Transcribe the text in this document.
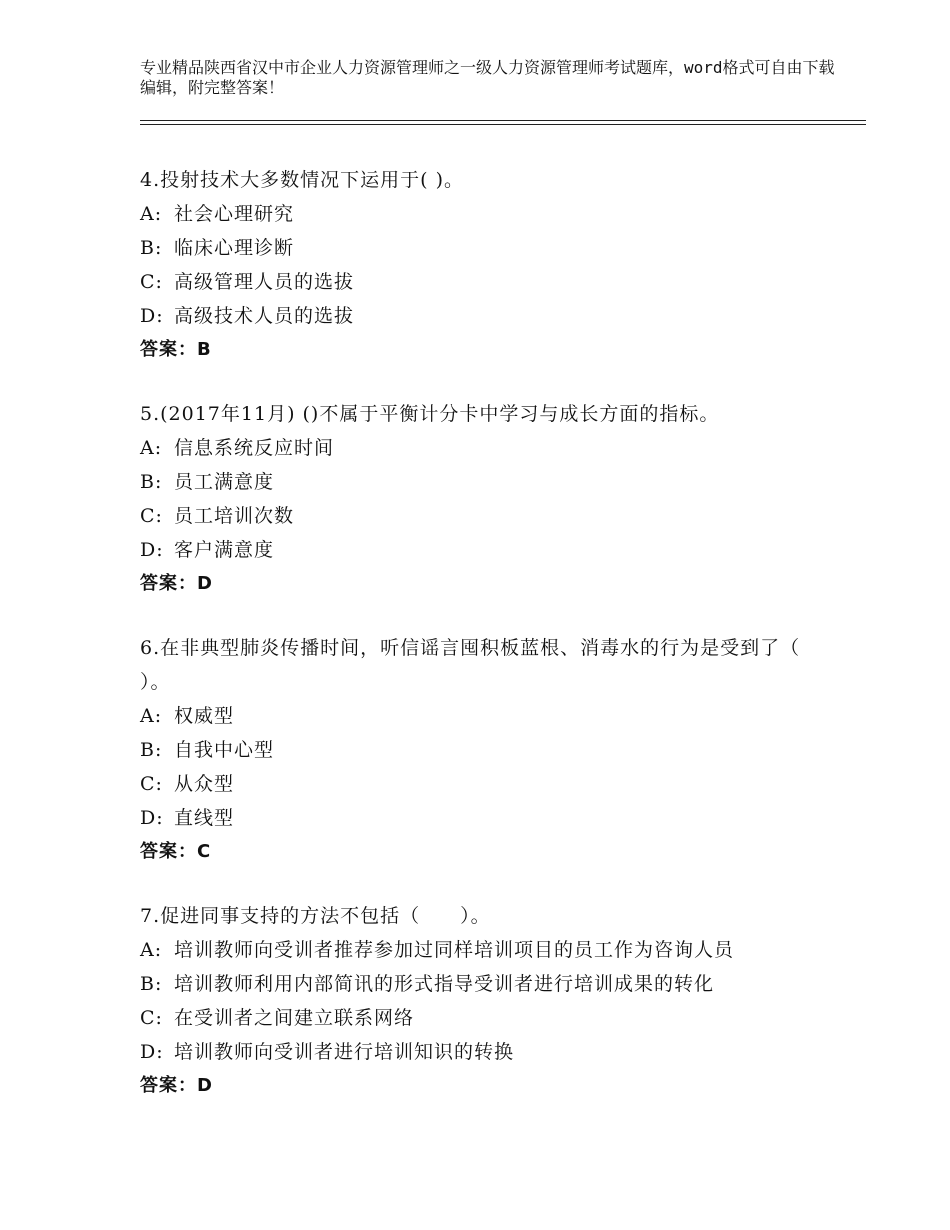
专业精品陕西省汉中市企业人力资源管理师之一级人力资源管理师考试题库，word格式可自由下载编辑，附完整答案！

4.投射技术大多数情况下运用于( )。

A: 社会心理研究

B: 临床心理诊断

C: 高级管理人员的选拔

D: 高级技术人员的选拔

答案：B

5.(2017年11月) ()不属于平衡计分卡中学习与成长方面的指标。

A: 信息系统反应时间

B: 员工满意度

C: 员工培训次数

D: 客户满意度

答案：D

6.在非典型肺炎传播时间，听信谣言囤积板蓝根、消毒水的行为是受到了（ ）。

A: 权威型

B: 自我中心型

C: 从众型

D: 直线型

答案：C

7.促进同事支持的方法不包括（　　）。

A: 培训教师向受训者推荐参加过同样培训项目的员工作为咨询人员

B: 培训教师利用内部简讯的形式指导受训者进行培训成果的转化

C: 在受训者之间建立联系网络

D: 培训教师向受训者进行培训知识的转换

答案：D
